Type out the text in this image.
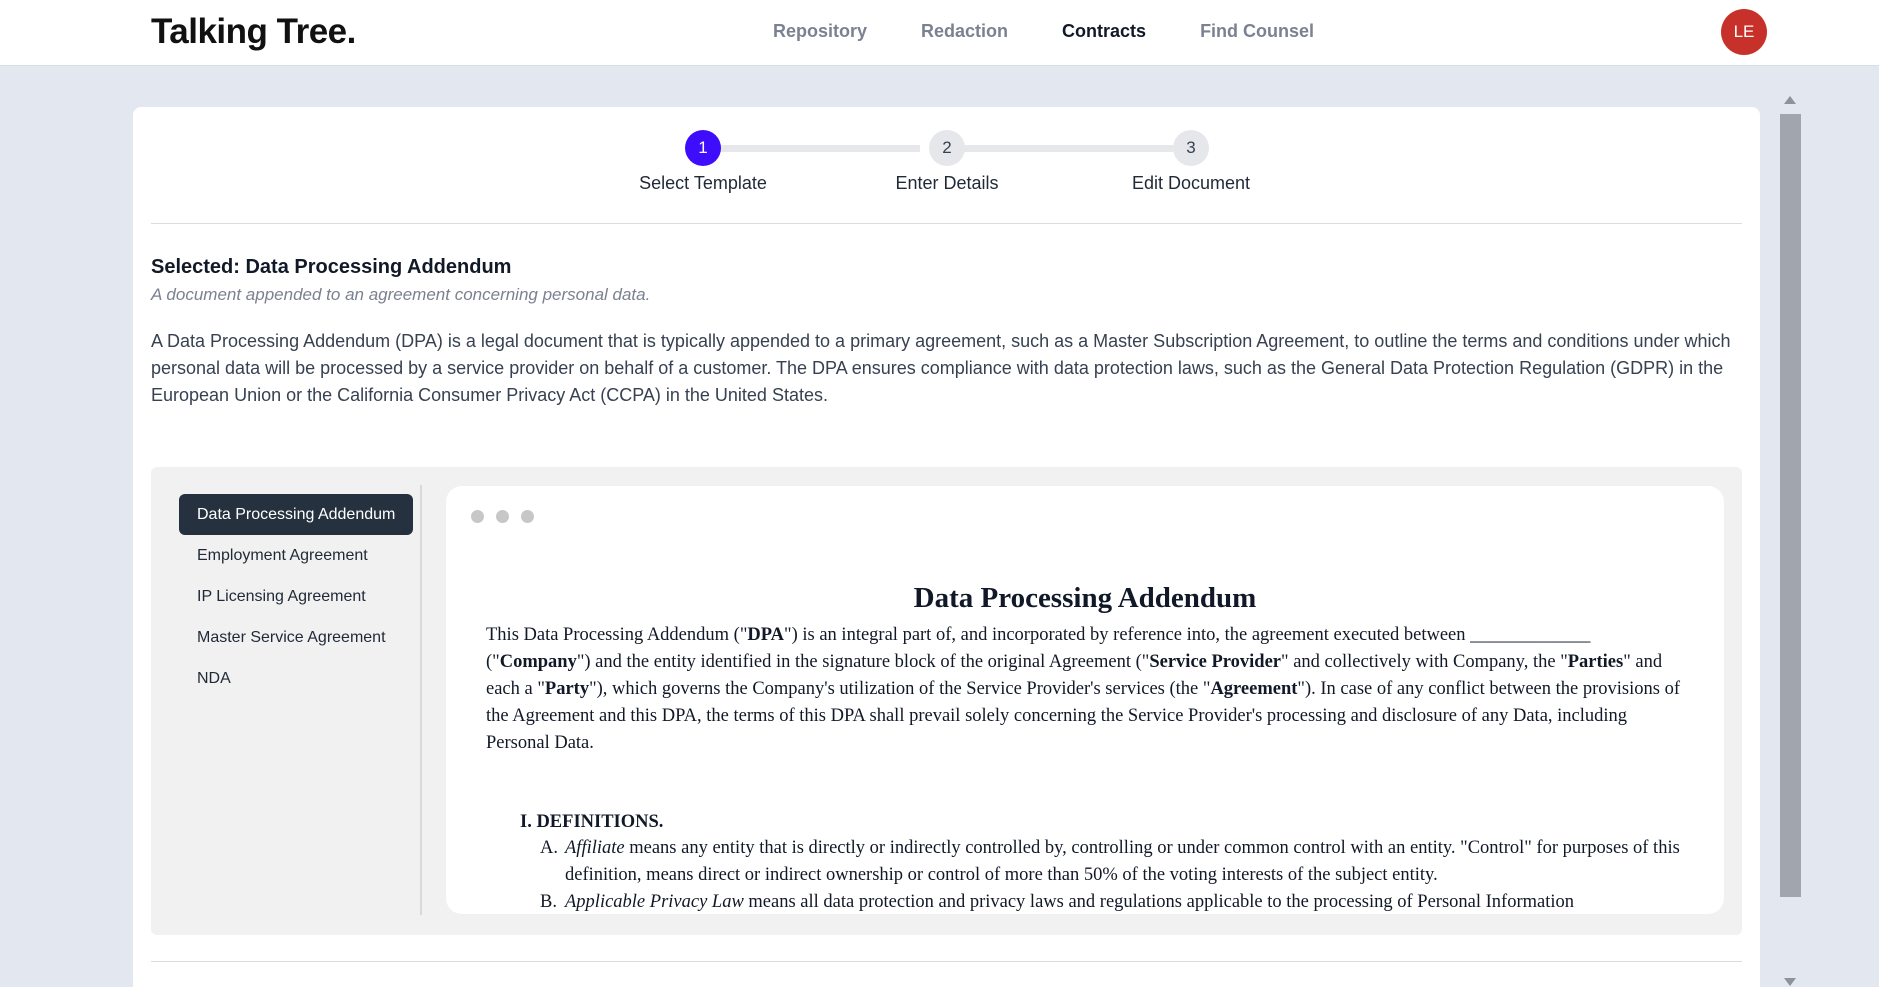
Talking Tree.	Repository	Redaction	Contracts	Find Counsel	LE
1	2	3
Select Template	Enter Details	Edit Document
Selected: Data Processing Addendum
A document appended to an agreement concerning personal data.
A Data Processing Addendum (DPA) is a legal document that is typically appended to a primary agreement, such as a Master Subscription Agreement, to outline the terms and conditions under which personal data will be processed by a service provider on behalf of a customer. The DPA ensures compliance with data protection laws, such as the General Data Protection Regulation (GDPR) in the European Union or the California Consumer Privacy Act (CCPA) in the United States.
Data Processing Addendum
Employment Agreement
IP Licensing Agreement
Master Service Agreement
NDA
Data Processing Addendum
This Data Processing Addendum ("DPA") is an integral part of, and incorporated by reference into, the agreement executed between _____________ ("Company") and the entity identified in the signature block of the original Agreement ("Service Provider" and collectively with Company, the "Parties" and each a "Party"), which governs the Company's utilization of the Service Provider's services (the "Agreement"). In case of any conflict between the provisions of the Agreement and this DPA, the terms of this DPA shall prevail solely concerning the Service Provider's processing and disclosure of any Data, including Personal Data.
I. DEFINITIONS.
A. Affiliate means any entity that is directly or indirectly controlled by, controlling or under common control with an entity. "Control" for purposes of this definition, means direct or indirect ownership or control of more than 50% of the voting interests of the subject entity.
B. Applicable Privacy Law means all data protection and privacy laws and regulations applicable to the processing of Personal Information
